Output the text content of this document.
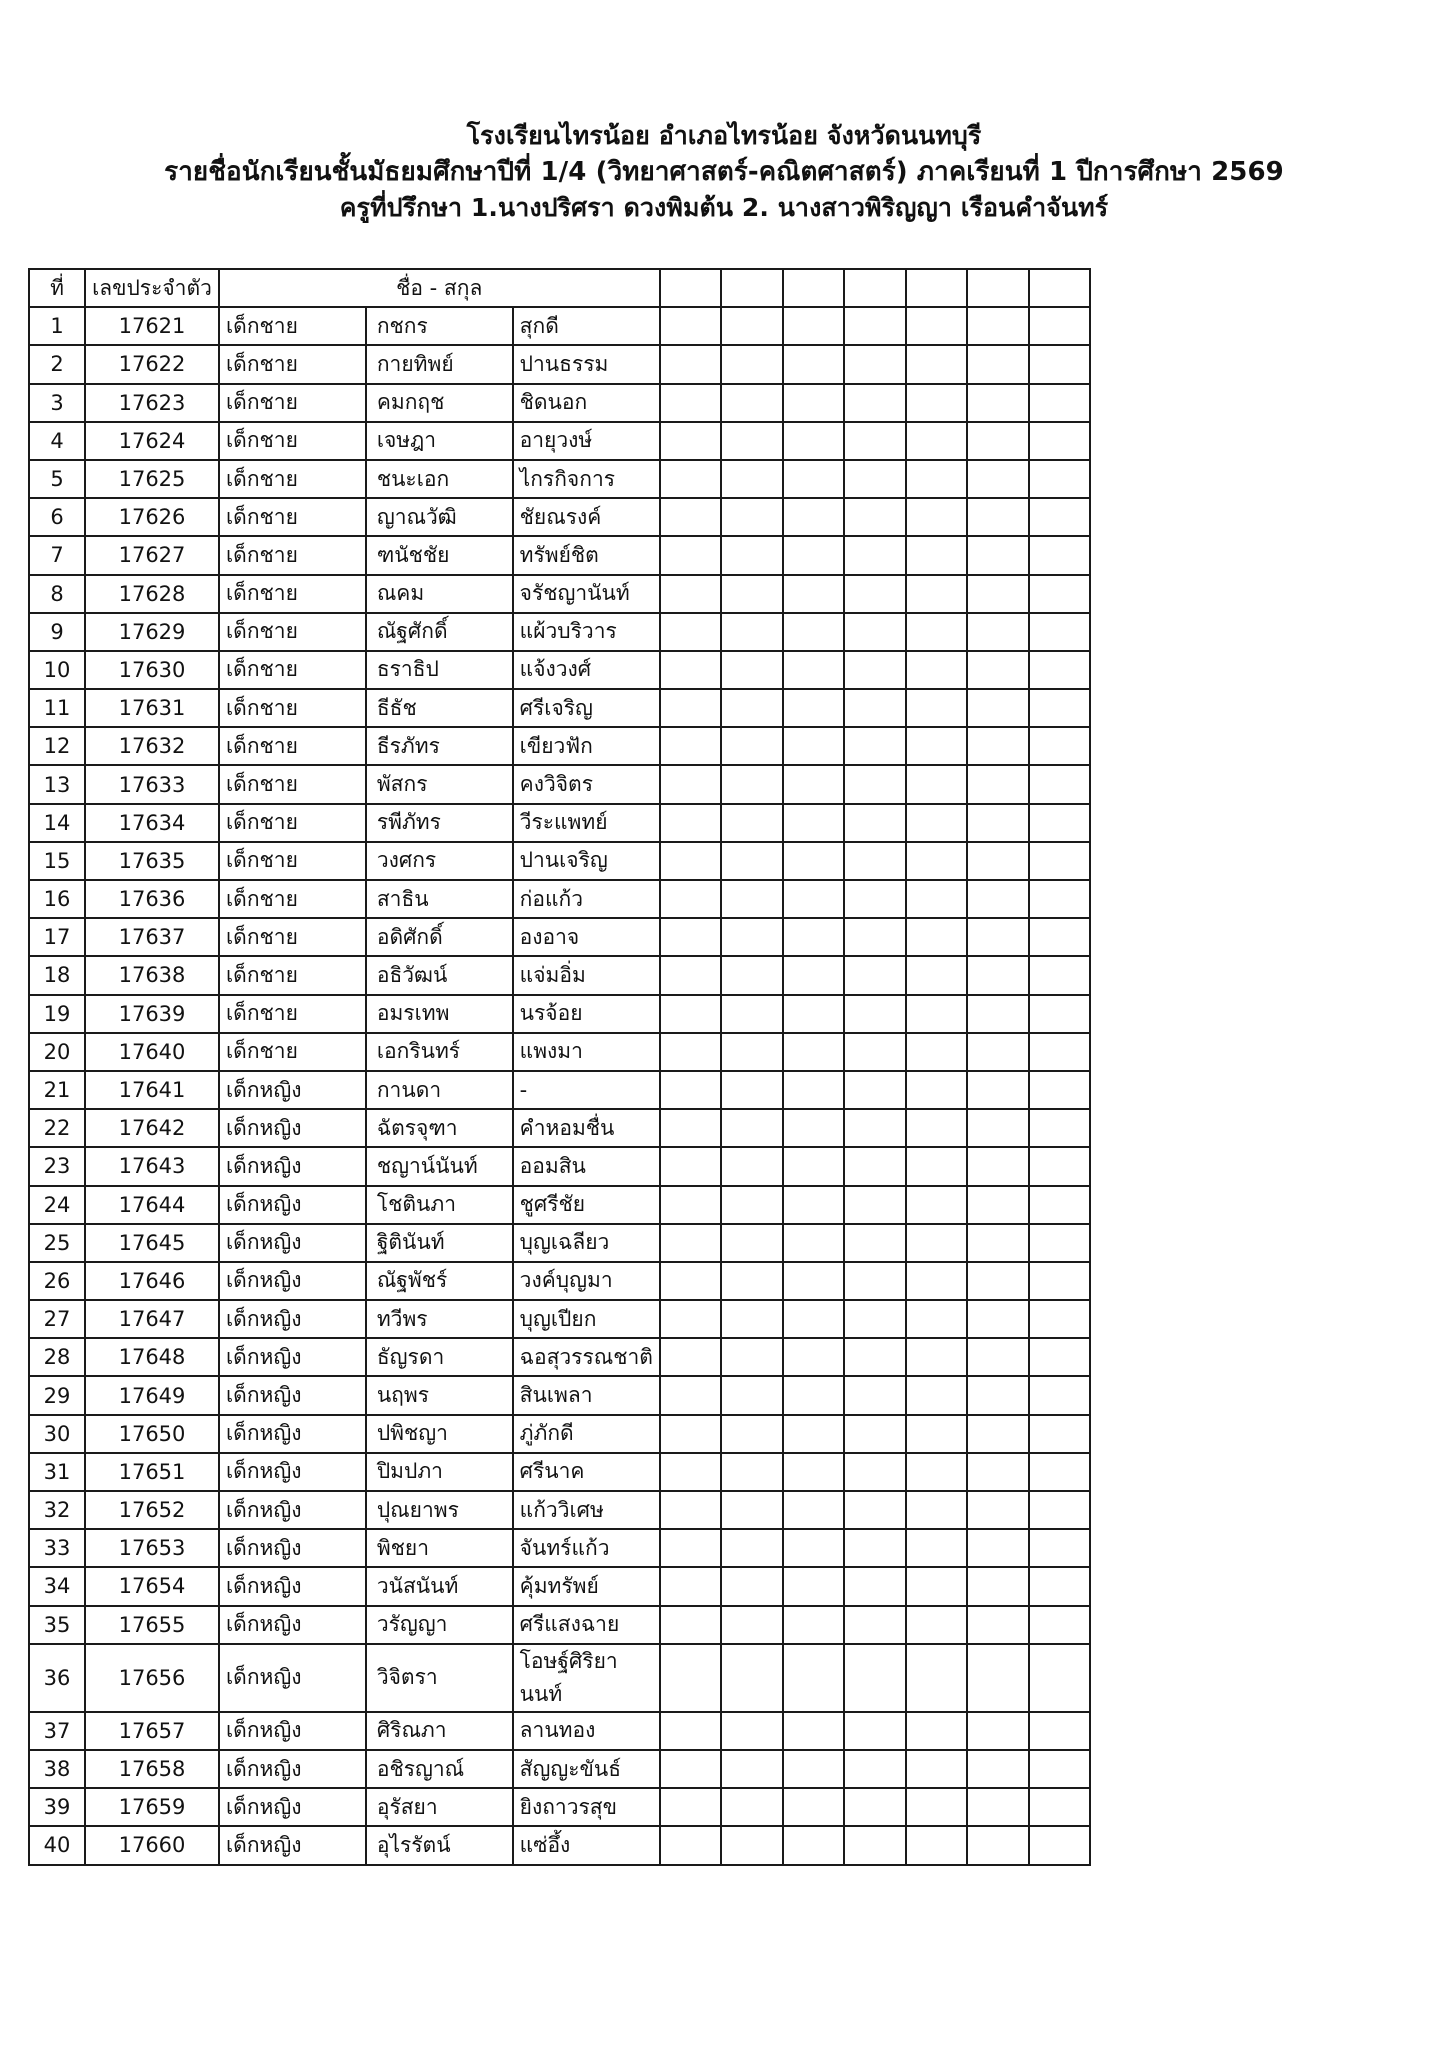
โรงเรียนไทรน้อย อำเภอไทรน้อย จังหวัดนนทบุรี
รายชื่อนักเรียนชั้นมัธยมศึกษาปีที่ 1/4 (วิทยาศาสตร์-คณิตศาสตร์) ภาคเรียนที่ 1 ปีการศึกษา 2569
ครูที่ปรึกษา 1.นางปริศรา ดวงพิมต้น 2. นางสาวพิริญญา เรือนคำจันทร์
ที่	เลขประจำตัว	ชื่อ - สกุล									
1	17621	เด็กชาย	กชกร	สุกดี							
2	17622	เด็กชาย	กายทิพย์	ปานธรรม							
3	17623	เด็กชาย	คมกฤช	ชิดนอก							
4	17624	เด็กชาย	เจษฎา	อายุวงษ์							
5	17625	เด็กชาย	ชนะเอก	ไกรกิจการ							
6	17626	เด็กชาย	ญาณวัฒิ	ชัยณรงค์							
7	17627	เด็กชาย	ฑนัชชัย	ทรัพย์ชิต							
8	17628	เด็กชาย	ณคม	จรัชญานันท์							
9	17629	เด็กชาย	ณัฐศักดิ์	แผ้วบริวาร							
10	17630	เด็กชาย	ธราธิป	แจ้งวงศ์							
11	17631	เด็กชาย	ธีธัช	ศรีเจริญ							
12	17632	เด็กชาย	ธีรภัทร	เขียวฟัก							
13	17633	เด็กชาย	พัสกร	คงวิจิตร							
14	17634	เด็กชาย	รพีภัทร	วีระแพทย์							
15	17635	เด็กชาย	วงศกร	ปานเจริญ							
16	17636	เด็กชาย	สาธิน	ก่อแก้ว							
17	17637	เด็กชาย	อดิศักดิ์	องอาจ							
18	17638	เด็กชาย	อธิวัฒน์	แจ่มอิ่ม							
19	17639	เด็กชาย	อมรเทพ	นรจ้อย							
20	17640	เด็กชาย	เอกรินทร์	แพงมา							
21	17641	เด็กหญิง	กานดา	-							
22	17642	เด็กหญิง	ฉัตรจุฑา	คำหอมชื่น							
23	17643	เด็กหญิง	ชญาน์นันท์	ออมสิน							
24	17644	เด็กหญิง	โชตินภา	ชูศรีชัย							
25	17645	เด็กหญิง	ฐิตินันท์	บุญเฉลียว							
26	17646	เด็กหญิง	ณัฐพัชร์	วงค์บุญมา							
27	17647	เด็กหญิง	ทวีพร	บุญเปียก							
28	17648	เด็กหญิง	ธัญรดา	ฉอสุวรรณชาติ							
29	17649	เด็กหญิง	นฤพร	สินเพลา							
30	17650	เด็กหญิง	ปพิชญา	ภู่ภักดี							
31	17651	เด็กหญิง	ปิมปภา	ศรีนาค							
32	17652	เด็กหญิง	ปุณยาพร	แก้ววิเศษ							
33	17653	เด็กหญิง	พิชยา	จันทร์แก้ว							
34	17654	เด็กหญิง	วนัสนันท์	คุ้มทรัพย์							
35	17655	เด็กหญิง	วรัญญา	ศรีแสงฉาย							
36	17656	เด็กหญิง	วิจิตรา	โอษฐ์ศิริยานนท์							
37	17657	เด็กหญิง	ศิริณภา	ลานทอง							
38	17658	เด็กหญิง	อชิรญาณ์	สัญญะขันธ์							
39	17659	เด็กหญิง	อุรัสยา	ยิงถาวรสุข							
40	17660	เด็กหญิง	อุไรรัตน์	แซ่อึ้ง							
